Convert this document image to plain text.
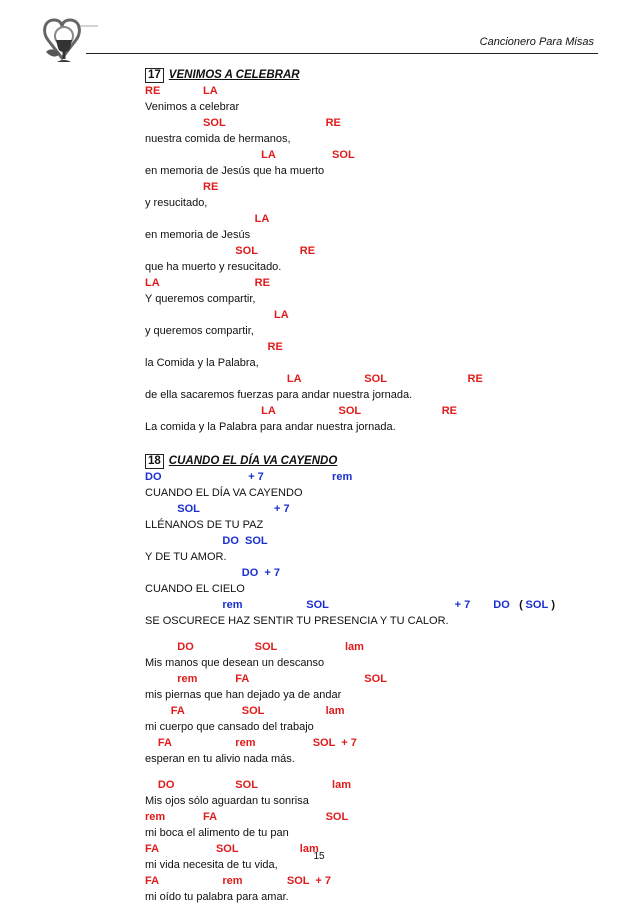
Cancionero Para Misas
17 VENIMOS A CELEBRAR
RE	LA
Venimos a celebrar
SOL	RE
nuestra comida de hermanos,
LA	SOL
en memoria de Jesús que ha muerto
RE
y resucitado,
LA
en memoria de Jesús
SOL	RE
que ha muerto y resucitado.
LA	RE
Y queremos compartir,
LA
y queremos compartir,
RE
la Comida y la Palabra,
LA	SOL	RE
de ella sacaremos fuerzas para andar nuestra jornada.
LA	SOL	RE
La comida y la Palabra para andar nuestra jornada.
18 CUANDO EL DÍA VA CAYENDO
DO	+ 7	rem
CUANDO EL DÍA VA CAYENDO
SOL	+ 7
LLÉNANOS DE TU PAZ
DO  SOL
Y DE TU AMOR.
DO  + 7
CUANDO EL CIELO
rem	SOL	+ 7 DO ( SOL )
SE OSCURECE HAZ SENTIR TU PRESENCIA Y TU CALOR.
DO	SOL	lam
Mis manos que desean un descanso
rem	FA	SOL
mis piernas que han dejado ya de andar
FA	SOL	lam
mi cuerpo que cansado del trabajo
FA	rem	SOL  + 7
esperan en tu alivio nada más.
DO	SOL	lam
Mis ojos sólo aguardan tu sonrisa
rem	FA	SOL
mi boca el alimento de tu pan
FA	SOL	lam
mi vida necesita de tu vida,
FA	rem	SOL  + 7
mi oído tu palabra para amar.
15
